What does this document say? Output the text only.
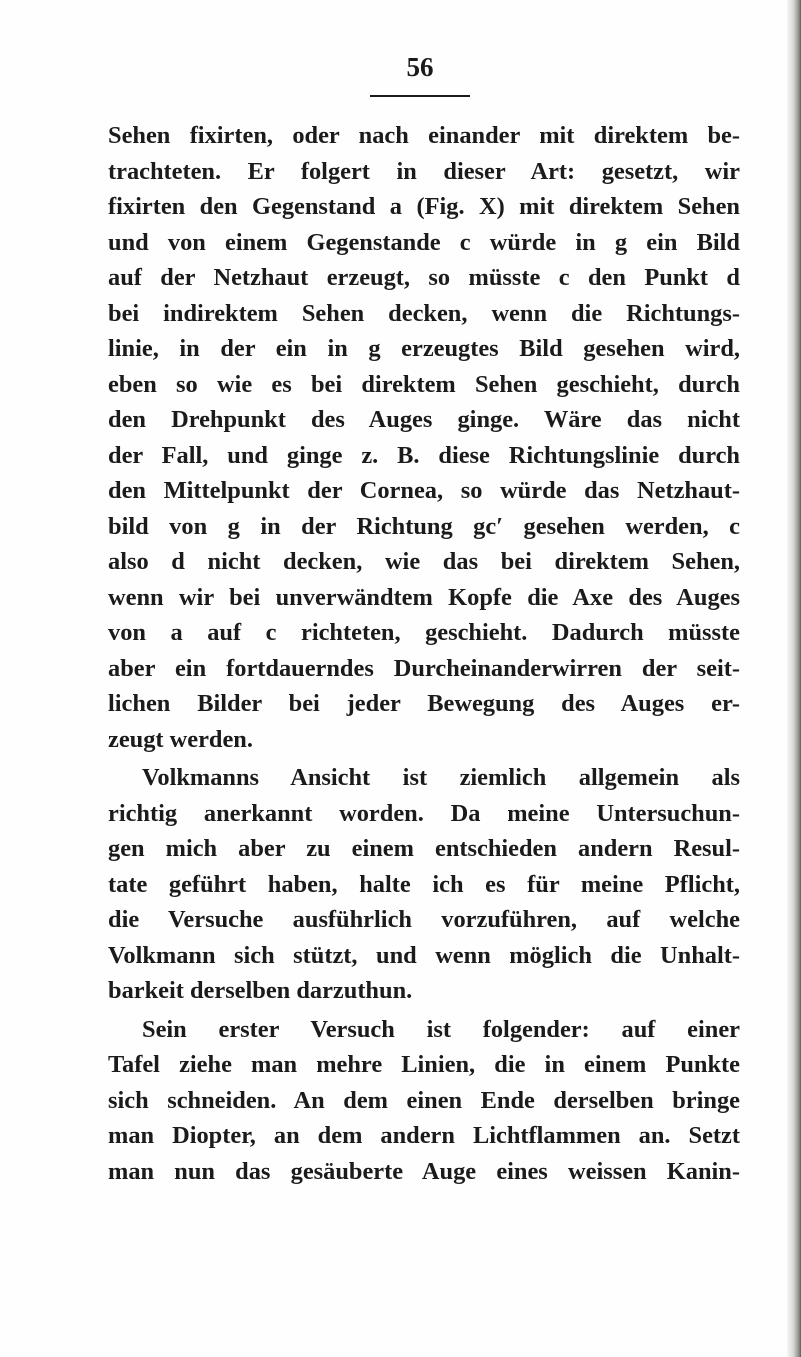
56
Sehen fixirten, oder nach einander mit direktem be-
trachteten. Er folgert in dieser Art: gesetzt, wir
fixirten den Gegenstand a (Fig. X) mit direktem Sehen
und von einem Gegenstande c würde in g ein Bild
auf der Netzhaut erzeugt, so müsste c den Punkt d
bei indirektem Sehen decken, wenn die Richtungs-
linie, in der ein in g erzeugtes Bild gesehen wird,
eben so wie es bei direktem Sehen geschieht, durch
den Drehpunkt des Auges ginge. Wäre das nicht
der Fall, und ginge z. B. diese Richtungslinie durch
den Mittelpunkt der Cornea, so würde das Netzhaut-
bild von g in der Richtung gc′ gesehen werden, c
also d nicht decken, wie das bei direktem Sehen,
wenn wir bei unverwändtem Kopfe die Axe des Auges
von a auf c richteten, geschieht. Dadurch müsste
aber ein fortdauerndes Durcheinanderwirren der seit-
lichen Bilder bei jeder Bewegung des Auges er-
zeugt werden.
Volkmanns Ansicht ist ziemlich allgemein als
richtig anerkannt worden. Da meine Untersuchun-
gen mich aber zu einem entschieden andern Resul-
tate geführt haben, halte ich es für meine Pflicht,
die Versuche ausführlich vorzuführen, auf welche
Volkmann sich stützt, und wenn möglich die Unhalt-
barkeit derselben darzuthun.
Sein erster Versuch ist folgender: auf einer
Tafel ziehe man mehre Linien, die in einem Punkte
sich schneiden. An dem einen Ende derselben bringe
man Diopter, an dem andern Lichtflammen an. Setzt
man nun das gesäuberte Auge eines weissen Kanin-
